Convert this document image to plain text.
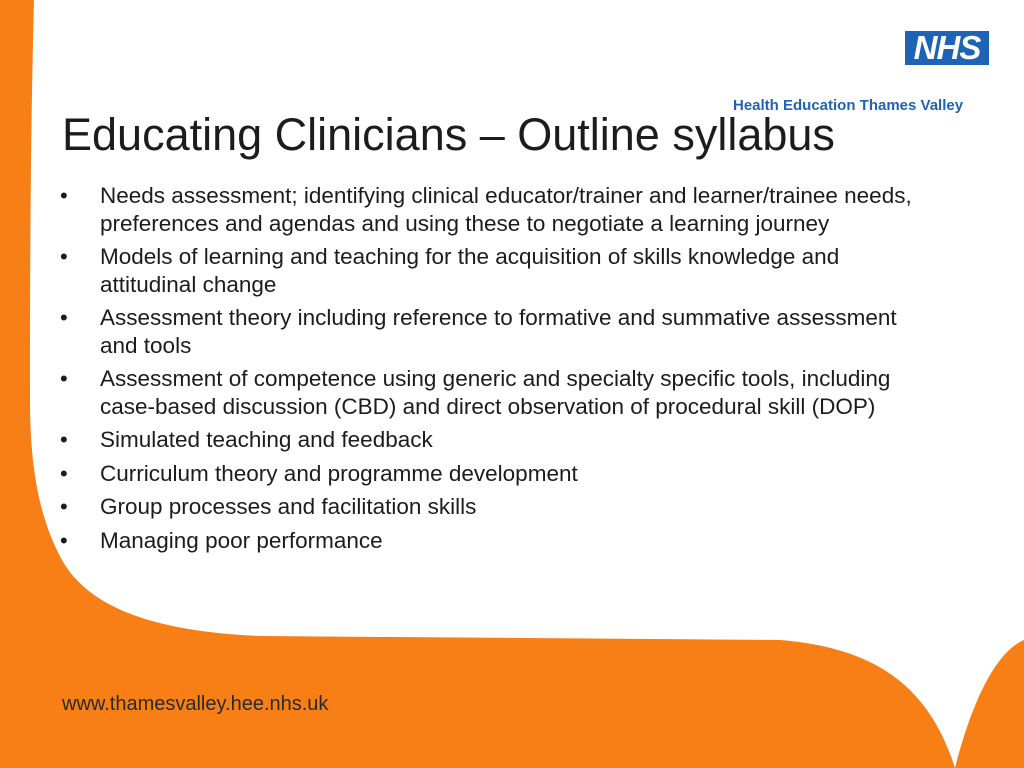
NHS
Health Education Thames Valley
Educating Clinicians – Outline syllabus
• Needs assessment; identifying clinical educator/trainer and learner/trainee needs, preferences and agendas and using these to negotiate a learning journey
• Models of learning and teaching for the acquisition of skills knowledge and attitudinal change
• Assessment theory including reference to formative and summative assessment and tools
• Assessment of competence using generic and specialty specific tools, including case-based discussion (CBD) and direct observation of procedural skill (DOP)
• Simulated teaching and feedback
• Curriculum theory and programme development
• Group processes and facilitation skills
• Managing poor performance
www.thamesvalley.hee.nhs.uk
